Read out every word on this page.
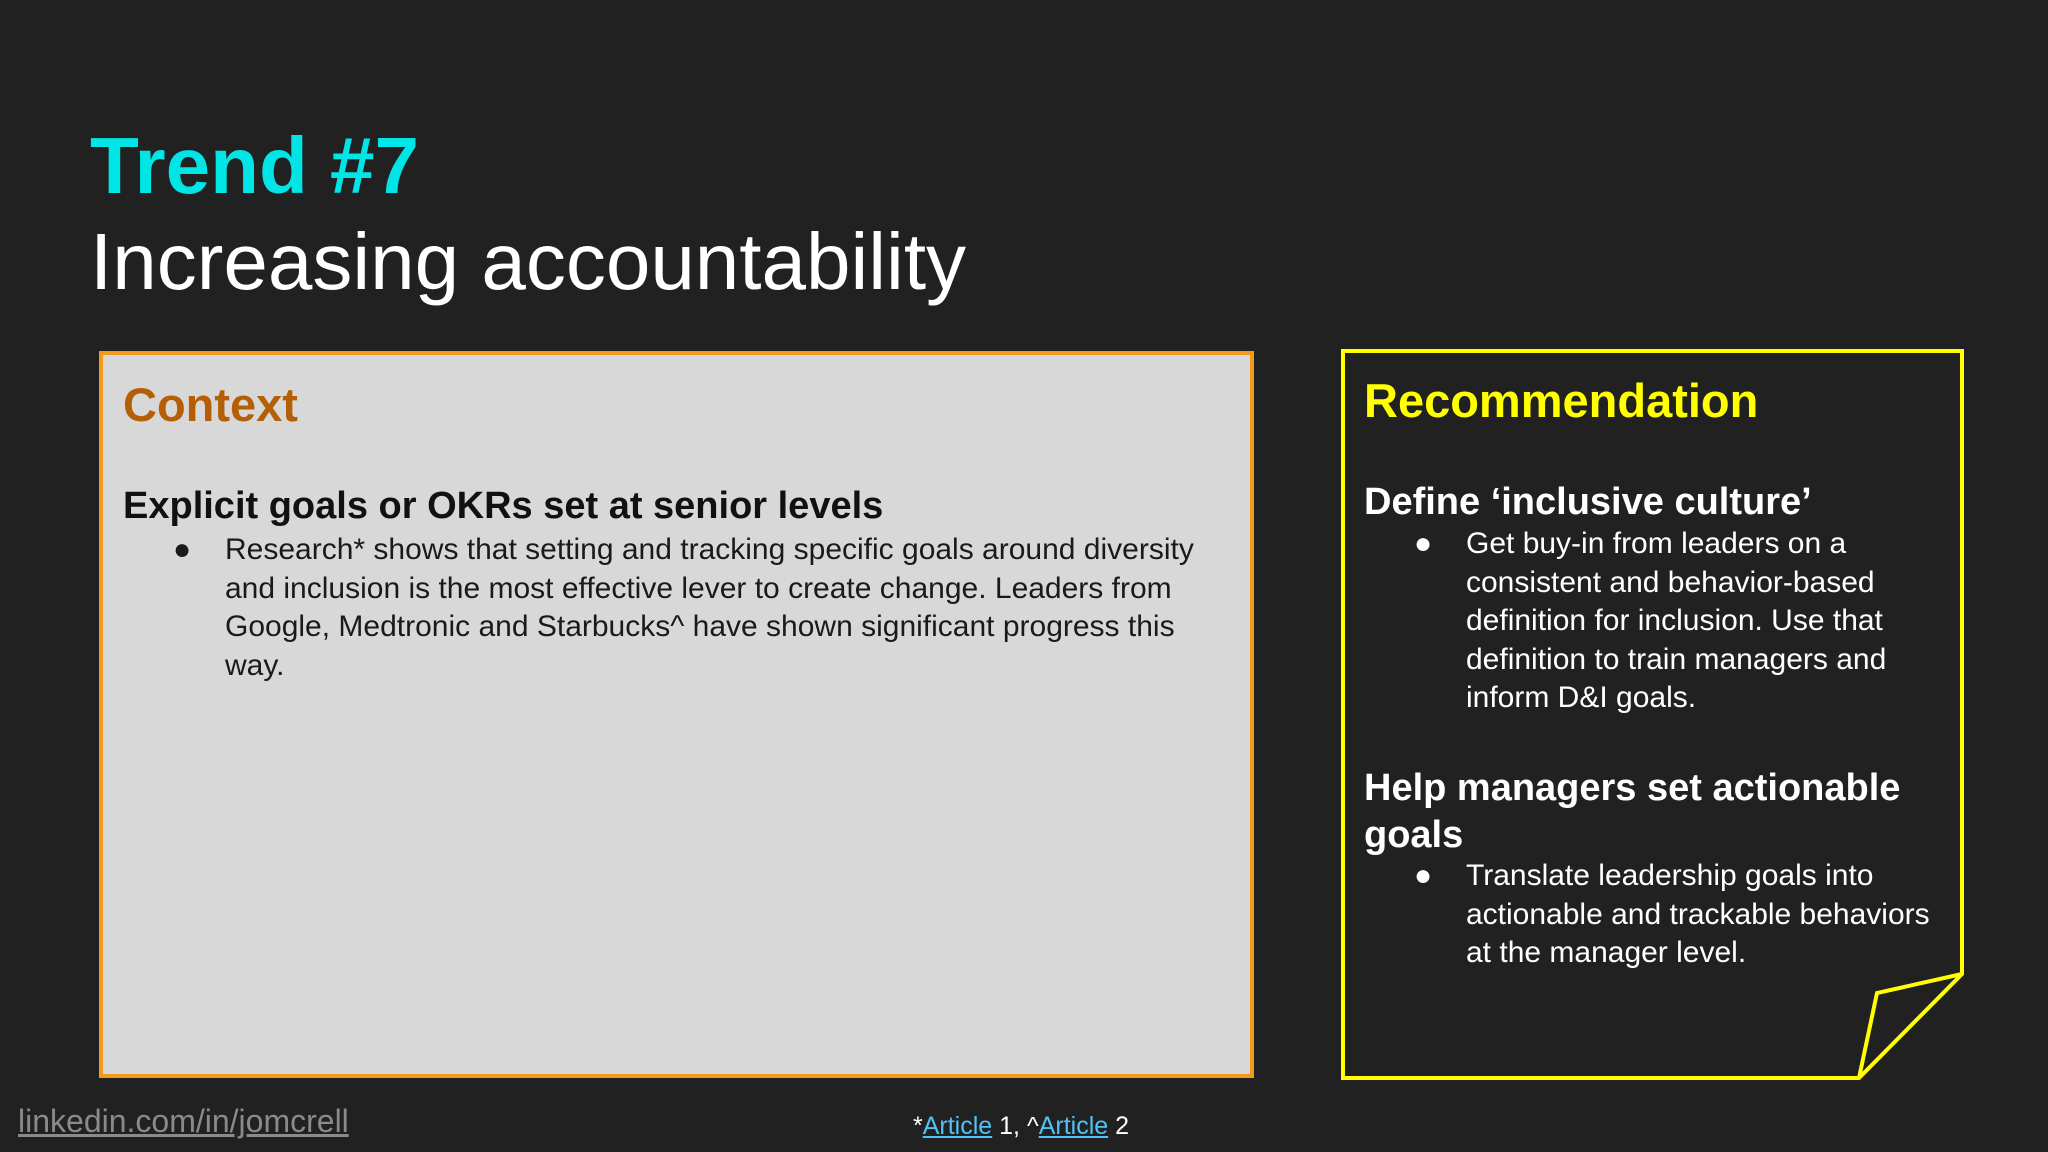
Trend #7
Increasing accountability
Context
Explicit goals or OKRs set at senior levels
●	Research* shows that setting and tracking specific goals around diversity and inclusion is the most effective lever to create change. Leaders from Google, Medtronic and Starbucks^ have shown significant progress this way.
Recommendation
Define ‘inclusive culture’
●	Get buy-in from leaders on a consistent and behavior-based definition for inclusion. Use that definition to train managers and inform D&I goals.
Help managers set actionable goals
●	Translate leadership goals into actionable and trackable behaviors at the manager level.
linkedin.com/in/jomcrell	*Article 1, ^Article 2
